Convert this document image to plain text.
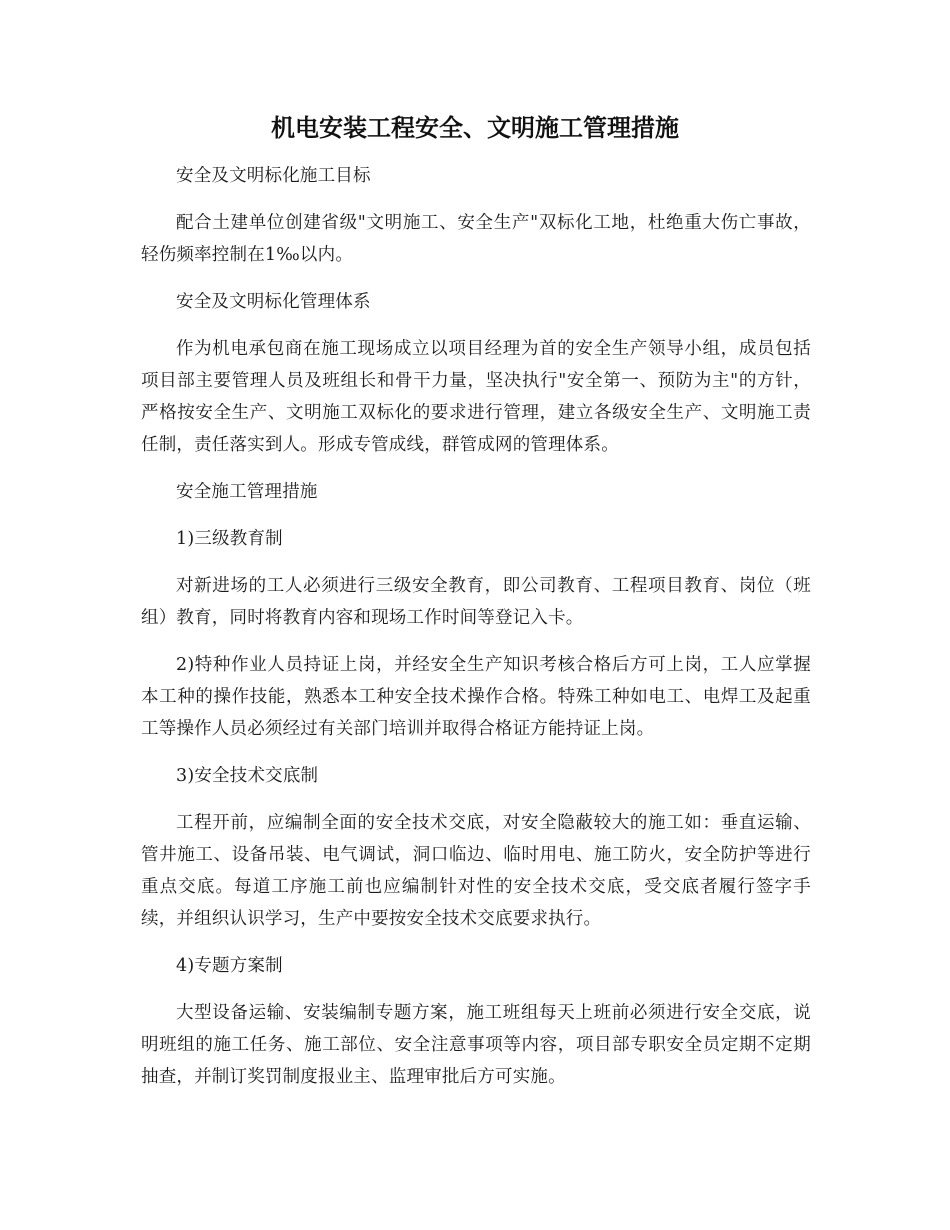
机电安装工程安全、文明施工管理措施

安全及文明标化施工目标

配合土建单位创建省级"文明施工、安全生产"双标化工地，杜绝重大伤亡事故，轻伤频率控制在1‰以内。

安全及文明标化管理体系

作为机电承包商在施工现场成立以项目经理为首的安全生产领导小组，成员包括项目部主要管理人员及班组长和骨干力量，坚决执行"安全第一、预防为主"的方针，严格按安全生产、文明施工双标化的要求进行管理，建立各级安全生产、文明施工责任制，责任落实到人。形成专管成线，群管成网的管理体系。

安全施工管理措施

1)三级教育制

对新进场的工人必须进行三级安全教育，即公司教育、工程项目教育、岗位（班组）教育，同时将教育内容和现场工作时间等登记入卡。

2)特种作业人员持证上岗，并经安全生产知识考核合格后方可上岗，工人应掌握本工种的操作技能，熟悉本工种安全技术操作合格。特殊工种如电工、电焊工及起重工等操作人员必须经过有关部门培训并取得合格证方能持证上岗。

3)安全技术交底制

工程开前，应编制全面的安全技术交底，对安全隐蔽较大的施工如：垂直运输、管井施工、设备吊装、电气调试，洞口临边、临时用电、施工防火，安全防护等进行重点交底。每道工序施工前也应编制针对性的安全技术交底，受交底者履行签字手续，并组织认识学习，生产中要按安全技术交底要求执行。

4)专题方案制

大型设备运输、安装编制专题方案，施工班组每天上班前必须进行安全交底，说明班组的施工任务、施工部位、安全注意事项等内容，项目部专职安全员定期不定期抽查，并制订奖罚制度报业主、监理审批后方可实施。
